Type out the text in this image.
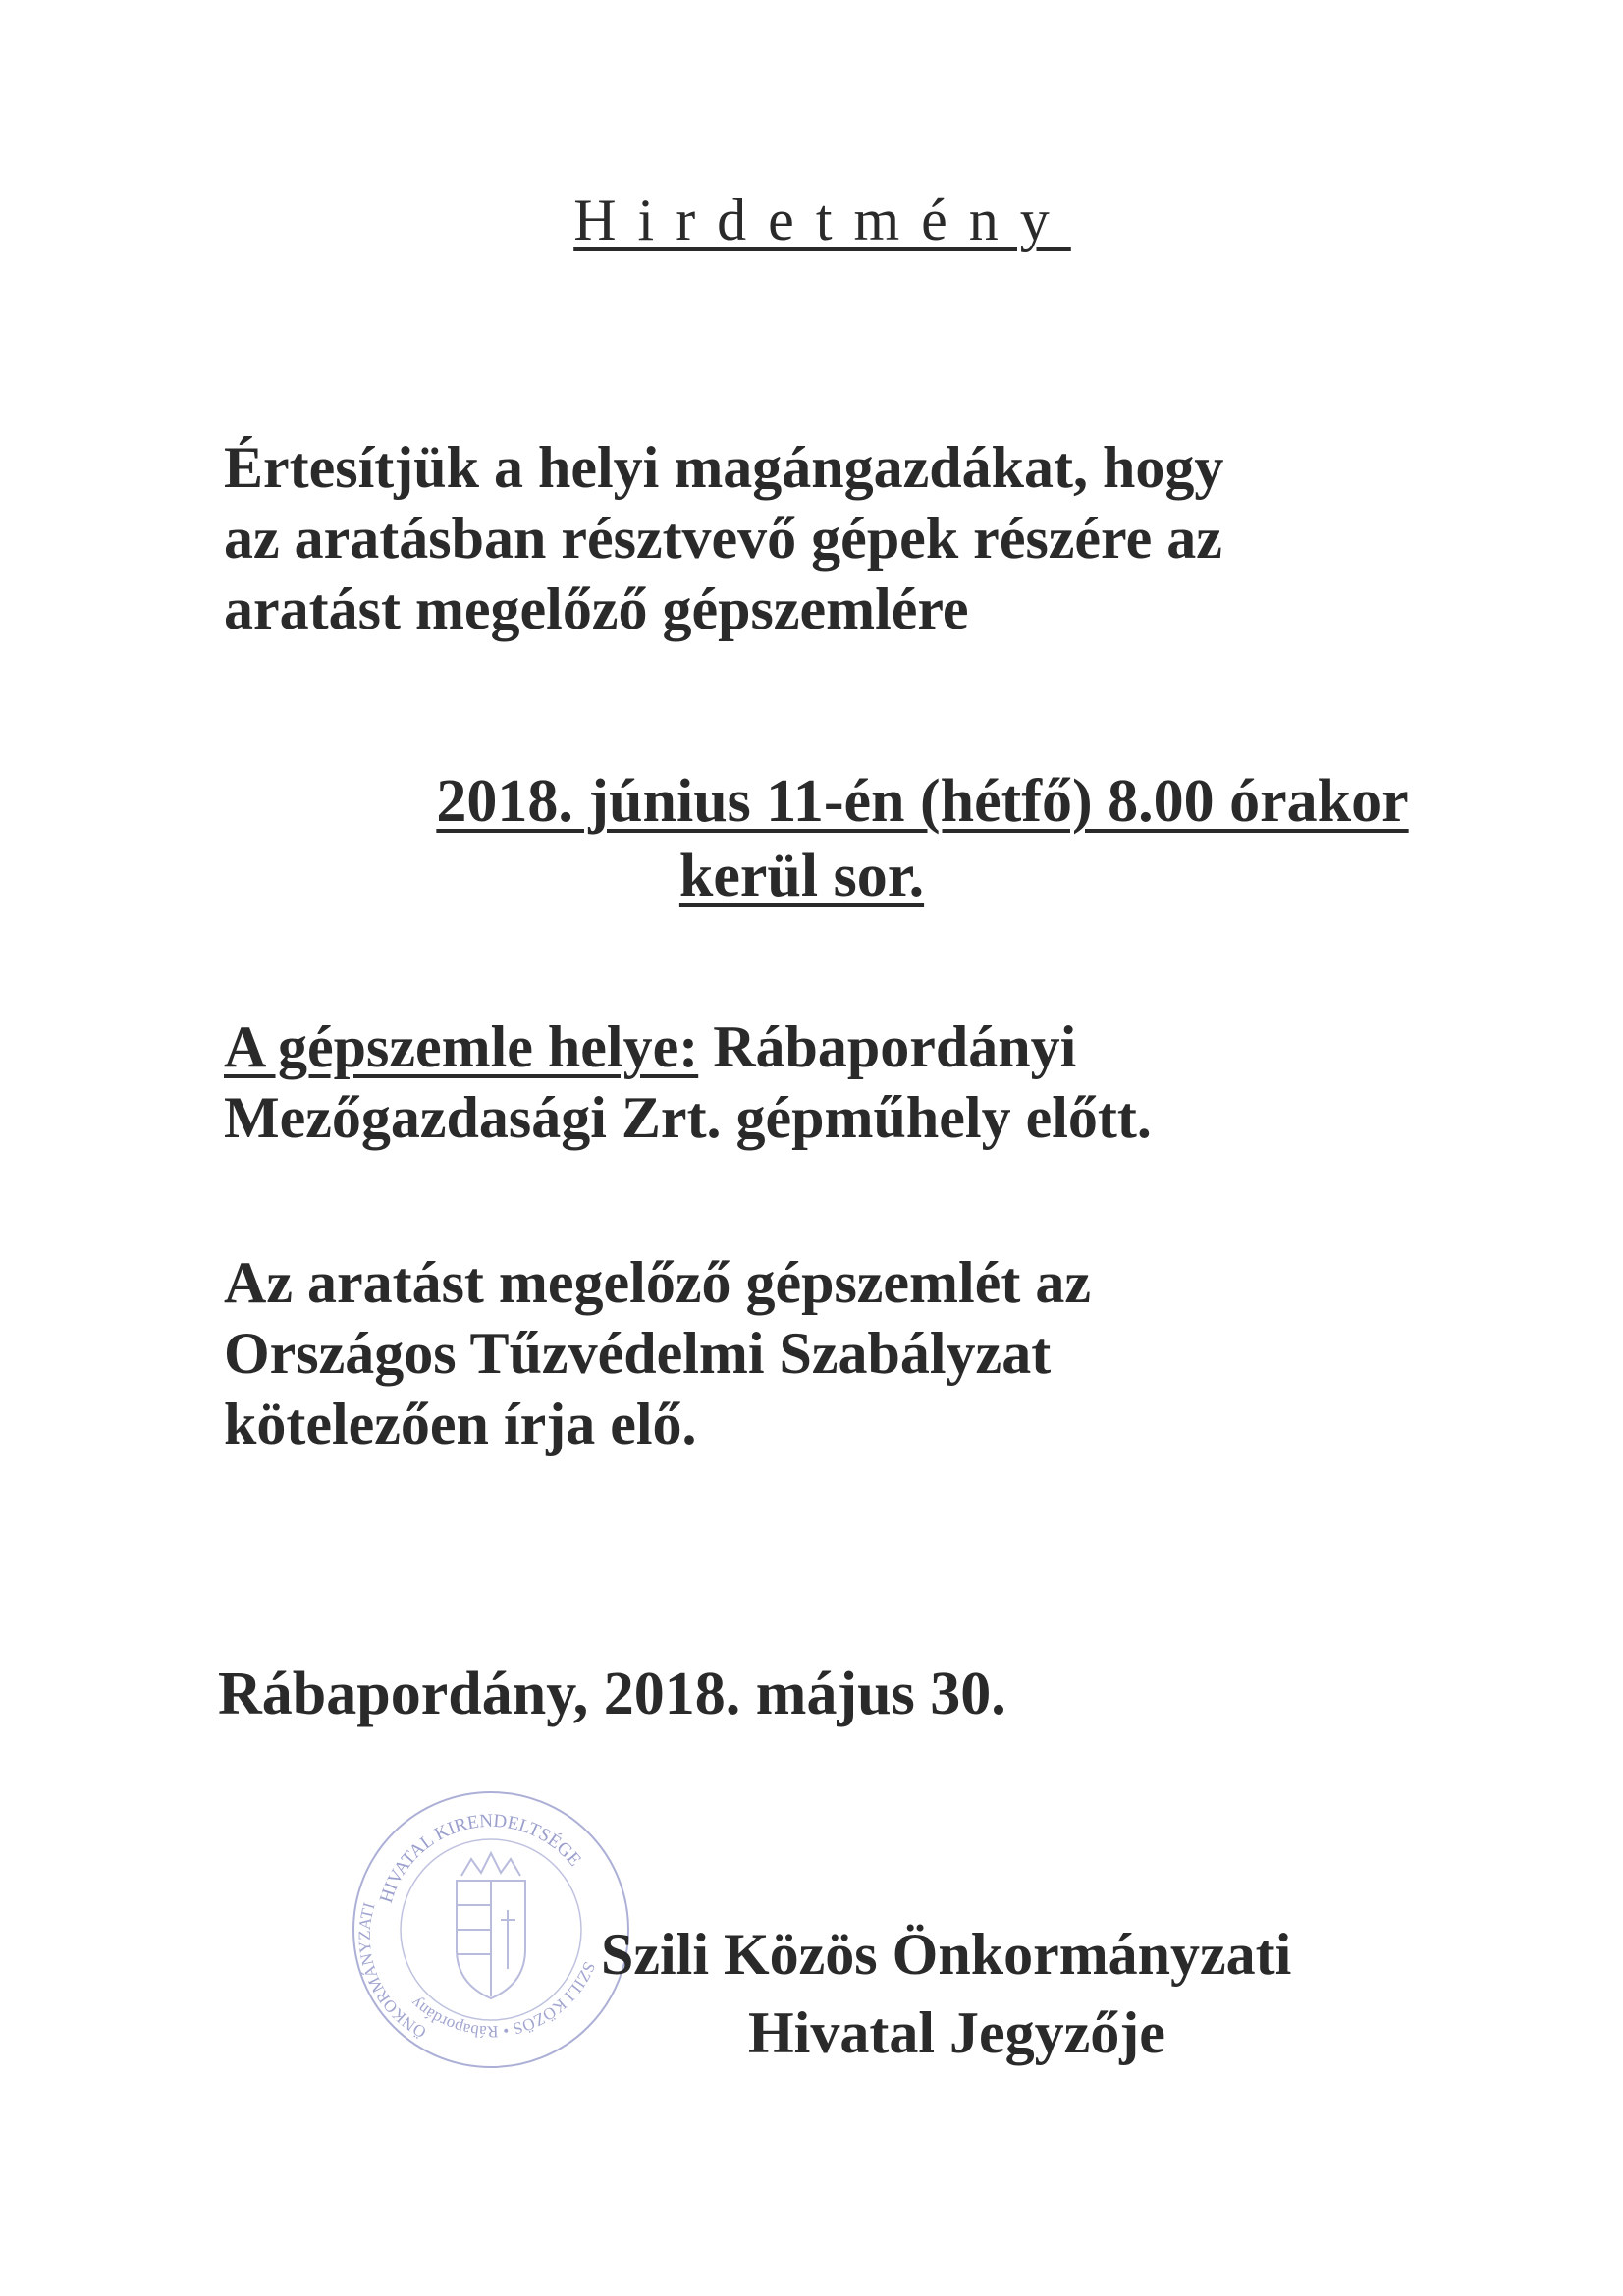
Hirdetmény
Értesítjük a helyi magángazdákat, hogy
az aratásban résztvevő gépek részére az
aratást megelőző gépszemlére
2018. június 11-én (hétfő) 8.00 órakor
kerül sor.
A gépszemle helye: Rábapordányi
Mezőgazdasági Zrt. gépműhely előtt.
Az aratást megelőző gépszemlét az
Országos Tűzvédelmi Szabályzat
kötelezően írja elő.
Rábapordány, 2018. május 30.
HIVATAL KIRENDELTSÉGE
ÖNKORMÁNYZATI
SZILI KÖZÖS • Rábapordány
Szili Közös Önkormányzati
Hivatal Jegyzője
